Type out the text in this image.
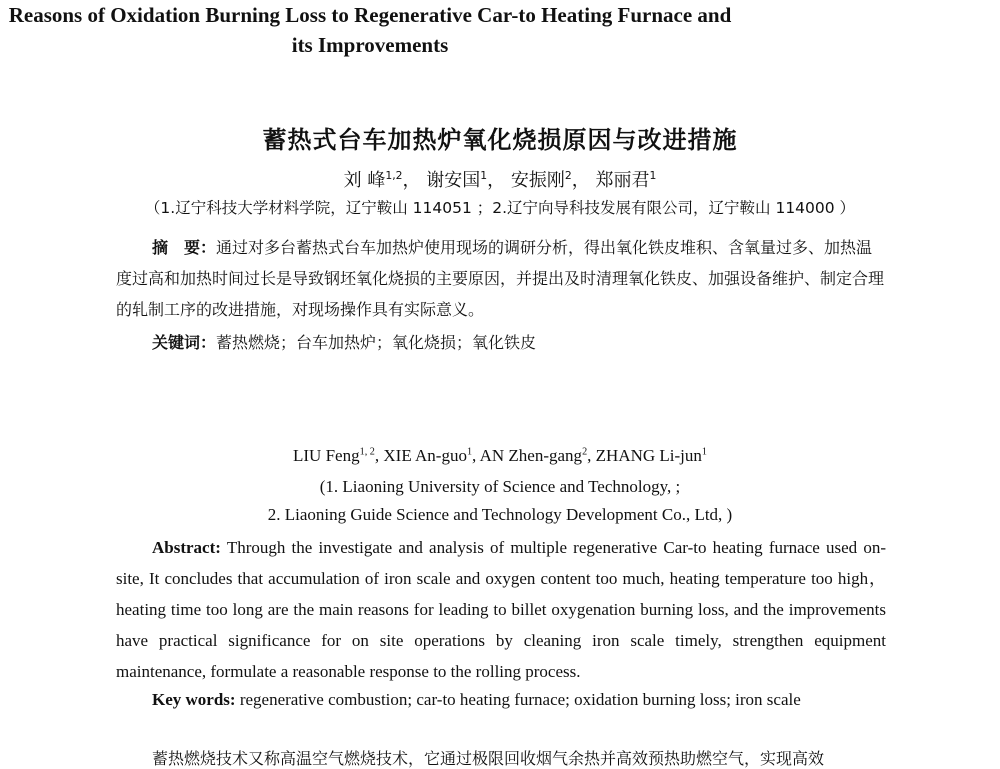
蓄热式台车加热炉氧化烧损原因与改进措施
刘 峰$^{1,2}$， 谢安国$^1$， 安振刚$^2$， 郑丽君$^1$
（1.辽宁科技大学材料学院，辽宁鞍山 114051 ；2.辽宁向导科技发展有限公司，辽宁鞍山 114000 ）
摘　要：通过对多台蓄热式台车加热炉使用现场的调研分析，得出氧化铁皮堆积、含氧量过多、加热温度过高和加热时间过长是导致钢坯氧化烧损的主要原因，并提出及时清理氧化铁皮、加强设备维护、制定合理的轧制工序的改进措施，对现场操作具有实际意义。
关键词：蓄热燃烧；台车加热炉；氧化烧损；氧化铁皮
Reasons of Oxidation Burning Loss to Regenerative Car-to Heating Furnace and its Improvements
LIU Feng$^{1, 2}$, XIE An-guo$^1$, AN Zhen-gang$^2$, ZHANG Li-jun$^1$
(1. Liaoning University of Science and Technology, ;
2. Liaoning Guide Science and Technology Development Co., Ltd, )
Abstract: Through the investigate and analysis of multiple regenerative Car-to heating furnace used on-site, It concludes that accumulation of iron scale and oxygen content too much, heating temperature too high，heating time too long are the main reasons for leading to billet oxygenation burning loss, and the improvements have practical significance for on site operations by cleaning iron scale timely, strengthen equipment maintenance, formulate a reasonable response to the rolling process.
Key words: regenerative combustion; car-to heating furnace; oxidation burning loss; iron scale
蓄热燃烧技术又称高温空气燃烧技术，它通过极限回收烟气余热并高效预热助燃空气，实现高效
